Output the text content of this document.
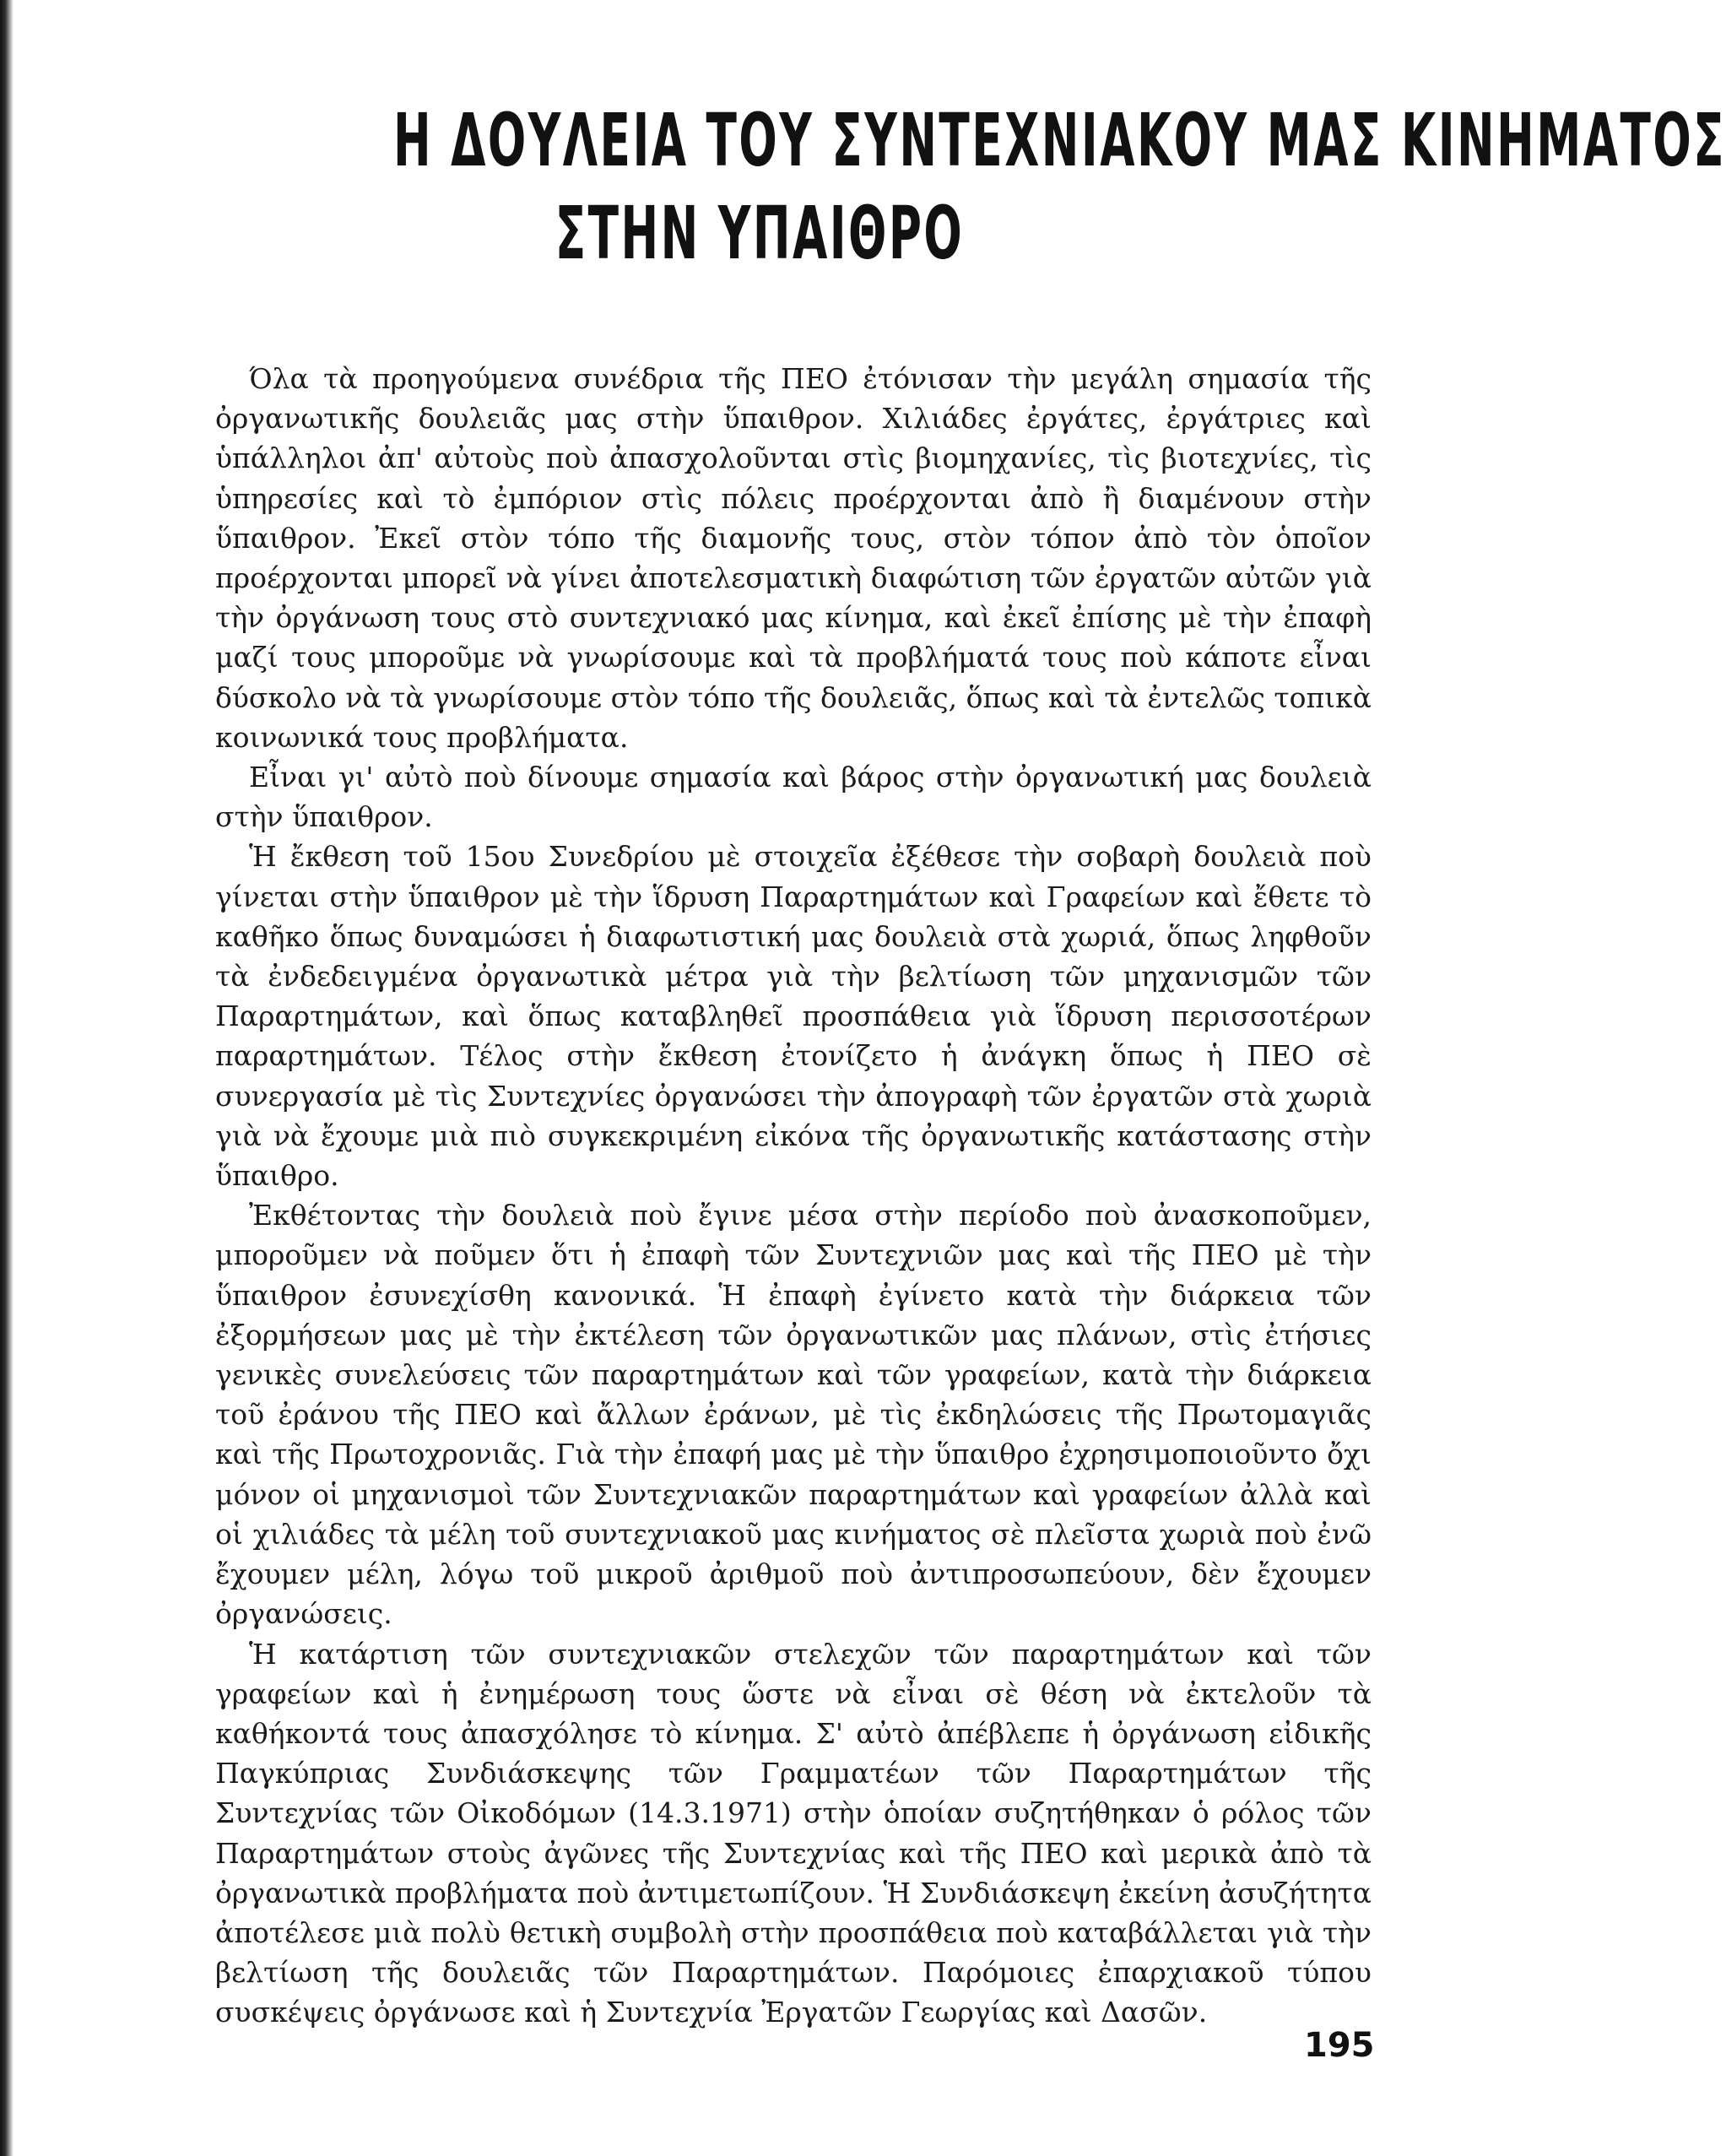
Η ΔΟΥΛΕΙΑ ΤΟΥ ΣΥΝΤΕΧΝΙΑΚΟΥ ΜΑΣ ΚΙΝΗΜΑΤΟΣ
ΣΤΗΝ ΥΠΑΙΘΡΟ

Όλα τὰ προηγούμενα συνέδρια τῆς ΠΕΟ ἐτόνισαν τὴν μεγάλη σημασία τῆς ὀργανωτικῆς δουλειᾶς μας στὴν ὕπαιθρον. Χιλιάδες ἐργάτες, ἐργάτριες καὶ ὑπάλληλοι ἀπ' αὐτοὺς ποὺ ἀπασχολοῦνται στὶς βιομηχανίες, τὶς βιοτεχνίες, τὶς ὑπηρεσίες καὶ τὸ ἐμπόριον στὶς πόλεις προέρχονται ἀπὸ ἢ διαμένουν στὴν ὕπαιθρον. Ἐκεῖ στὸν τόπο τῆς διαμονῆς τους, στὸν τόπον ἀπὸ τὸν ὁποῖον προέρχονται μπορεῖ νὰ γίνει ἀποτελεσματικὴ διαφώτιση τῶν ἐργατῶν αὐτῶν γιὰ τὴν ὀργάνωση τους στὸ συντεχνιακό μας κίνημα, καὶ ἐκεῖ ἐπίσης μὲ τὴν ἐπαφὴ μαζί τους μποροῦμε νὰ γνωρίσουμε καὶ τὰ προβλήματά τους ποὺ κάποτε εἶναι δύσκολο νὰ τὰ γνωρίσουμε στὸν τόπο τῆς δουλειᾶς, ὅπως καὶ τὰ ἐντελῶς τοπικὰ κοινωνικά τους προβλήματα.

Εἶναι γι' αὐτὸ ποὺ δίνουμε σημασία καὶ βάρος στὴν ὀργανωτική μας δουλειὰ στὴν ὕπαιθρον.

Ἡ ἔκθεση τοῦ 15ου Συνεδρίου μὲ στοιχεῖα ἐξέθεσε τὴν σοβαρὴ δουλειὰ ποὺ γίνεται στὴν ὕπαιθρον μὲ τὴν ἵδρυση Παραρτημάτων καὶ Γραφείων καὶ ἔθετε τὸ καθῆκο ὅπως δυναμώσει ἡ διαφωτιστική μας δουλειὰ στὰ χωριά, ὅπως ληφθοῦν τὰ ἐνδεδειγμένα ὀργανωτικὰ μέτρα γιὰ τὴν βελτίωση τῶν μηχανισμῶν τῶν Παραρτημάτων, καὶ ὅπως καταβληθεῖ προσπάθεια γιὰ ἵδρυση περισσοτέρων παραρτημάτων. Τέλος στὴν ἔκθεση ἐτονίζετο ἡ ἀνάγκη ὅπως ἡ ΠΕΟ σὲ συνεργασία μὲ τὶς Συντεχνίες ὀργανώσει τὴν ἀπογραφὴ τῶν ἐργατῶν στὰ χωριὰ γιὰ νὰ ἔχουμε μιὰ πιὸ συγκεκριμένη εἰκόνα τῆς ὀργανωτικῆς κατάστασης στὴν ὕπαιθρο.

Ἐκθέτοντας τὴν δουλειὰ ποὺ ἔγινε μέσα στὴν περίοδο ποὺ ἀνασκοποῦμεν, μποροῦμεν νὰ ποῦμεν ὅτι ἡ ἐπαφὴ τῶν Συντεχνιῶν μας καὶ τῆς ΠΕΟ μὲ τὴν ὕπαιθρον ἐσυνεχίσθη κανονικά. Ἡ ἐπαφὴ ἐγίνετο κατὰ τὴν διάρκεια τῶν ἐξορμήσεων μας μὲ τὴν ἐκτέλεση τῶν ὀργανωτικῶν μας πλάνων, στὶς ἐτήσιες γενικὲς συνελεύσεις τῶν παραρτημάτων καὶ τῶν γραφείων, κατὰ τὴν διάρκεια τοῦ ἐράνου τῆς ΠΕΟ καὶ ἄλλων ἐράνων, μὲ τὶς ἐκδηλώσεις τῆς Πρωτομαγιᾶς καὶ τῆς Πρωτοχρονιᾶς. Γιὰ τὴν ἐπαφή μας μὲ τὴν ὕπαιθρο ἐχρησιμοποιοῦντο ὄχι μόνον οἱ μηχανισμοὶ τῶν Συντεχνιακῶν παραρτημάτων καὶ γραφείων ἀλλὰ καὶ οἱ χιλιάδες τὰ μέλη τοῦ συντεχνιακοῦ μας κινήματος σὲ πλεῖστα χωριὰ ποὺ ἐνῶ ἔχουμεν μέλη, λόγω τοῦ μικροῦ ἀριθμοῦ ποὺ ἀντιπροσωπεύουν, δὲν ἔχουμεν ὀργανώσεις.

Ἡ κατάρτιση τῶν συντεχνιακῶν στελεχῶν τῶν παραρτημάτων καὶ τῶν γραφείων καὶ ἡ ἐνημέρωση τους ὥστε νὰ εἶναι σὲ θέση νὰ ἐκτελοῦν τὰ καθήκοντά τους ἀπασχόλησε τὸ κίνημα. Σ' αὐτὸ ἀπέβλεπε ἡ ὀργάνωση εἰδικῆς Παγκύπριας Συνδιάσκεψης τῶν Γραμματέων τῶν Παραρτημάτων τῆς Συντεχνίας τῶν Οἰκοδόμων (14.3.1971) στὴν ὁποίαν συζητήθηκαν ὁ ρόλος τῶν Παραρτημάτων στοὺς ἀγῶνες τῆς Συντεχνίας καὶ τῆς ΠΕΟ καὶ μερικὰ ἀπὸ τὰ ὀργανωτικὰ προβλήματα ποὺ ἀντιμετωπίζουν. Ἡ Συνδιάσκεψη ἐκείνη ἀσυζήτητα ἀποτέλεσε μιὰ πολὺ θετικὴ συμβολὴ στὴν προσπάθεια ποὺ καταβάλλεται γιὰ τὴν βελτίωση τῆς δουλειᾶς τῶν Παραρτημάτων. Παρόμοιες ἐπαρχιακοῦ τύπου συσκέψεις ὀργάνωσε καὶ ἡ Συντεχνία Ἐργατῶν Γεωργίας καὶ Δασῶν.

195
